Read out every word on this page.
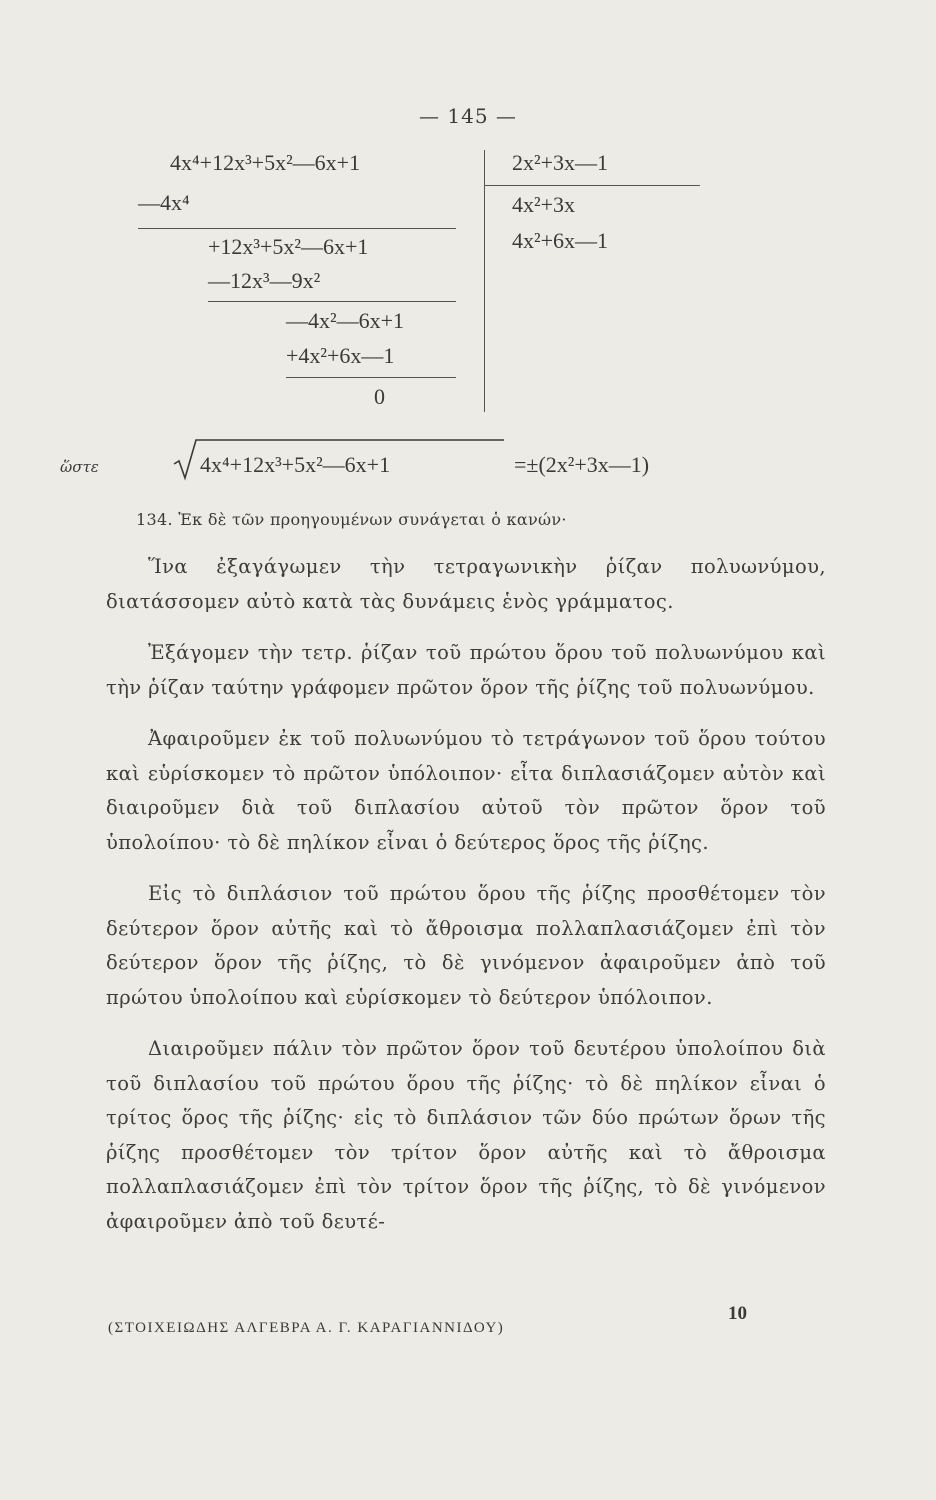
— 145 —
4x⁴+12x³+5x²—6x+1
—4x⁴
+12x³+5x²—6x+1
—12x³—9x²
—4x²—6x+1
+4x²+6x—1
0
2x²+3x—1
4x²+3x
4x²+6x—1
ὥστε	4x⁴+12x³+5x²—6x+1	=±(2x²+3x—1)
134. Ἐκ δὲ τῶν προηγουμένων συνάγεται ὁ κανών·

Ἵνα ἐξαγάγωμεν τὴν τετραγωνικὴν ῥίζαν πολυωνύμου, διατάσσομεν αὐτὸ κατὰ τὰς δυνάμεις ἑνὸς γράμματος.

Ἐξάγομεν τὴν τετρ. ῥίζαν τοῦ πρώτου ὅρου τοῦ πολυωνύμου καὶ τὴν ῥίζαν ταύτην γράφομεν πρῶτον ὅρον τῆς ῥίζης τοῦ πολυωνύμου.

Ἀφαιροῦμεν ἐκ τοῦ πολυωνύμου τὸ τετράγωνον τοῦ ὅρου τούτου καὶ εὑρίσκομεν τὸ πρῶτον ὑπόλοιπον· εἶτα διπλασιάζομεν αὐτὸν καὶ διαιροῦμεν διὰ τοῦ διπλασίου αὐτοῦ τὸν πρῶτον ὅρον τοῦ ὑπολοίπου· τὸ δὲ πηλίκον εἶναι ὁ δεύτερος ὅρος τῆς ῥίζης.

Εἰς τὸ διπλάσιον τοῦ πρώτου ὅρου τῆς ῥίζης προσθέτομεν τὸν δεύτερον ὅρον αὐτῆς καὶ τὸ ἄθροισμα πολλαπλασιάζομεν ἐπὶ τὸν δεύτερον ὅρον τῆς ῥίζης, τὸ δὲ γινόμενον ἀφαιροῦμεν ἀπὸ τοῦ πρώτου ὑπολοίπου καὶ εὑρίσκομεν τὸ δεύτερον ὑπόλοιπον.

Διαιροῦμεν πάλιν τὸν πρῶτον ὅρον τοῦ δευτέρου ὑπολοίπου διὰ τοῦ διπλασίου τοῦ πρώτου ὅρου τῆς ῥίζης· τὸ δὲ πηλίκον εἶναι ὁ τρίτος ὅρος τῆς ῥίζης· εἰς τὸ διπλάσιον τῶν δύο πρώτων ὅρων τῆς ῥίζης προσθέτομεν τὸν τρίτον ὅρον αὐτῆς καὶ τὸ ἄθροισμα πολλαπλασιάζομεν ἐπὶ τὸν τρίτον ὅρον τῆς ῥίζης, τὸ δὲ γινόμενον ἀφαιροῦμεν ἀπὸ τοῦ δευτέ-

(ΣΤΟΙΧΕΙΩΔΗΣ ΑΛΓΕΒΡΑ Α. Γ. ΚΑΡΑΓΙΑΝΝΙΔΟΥ)
10
